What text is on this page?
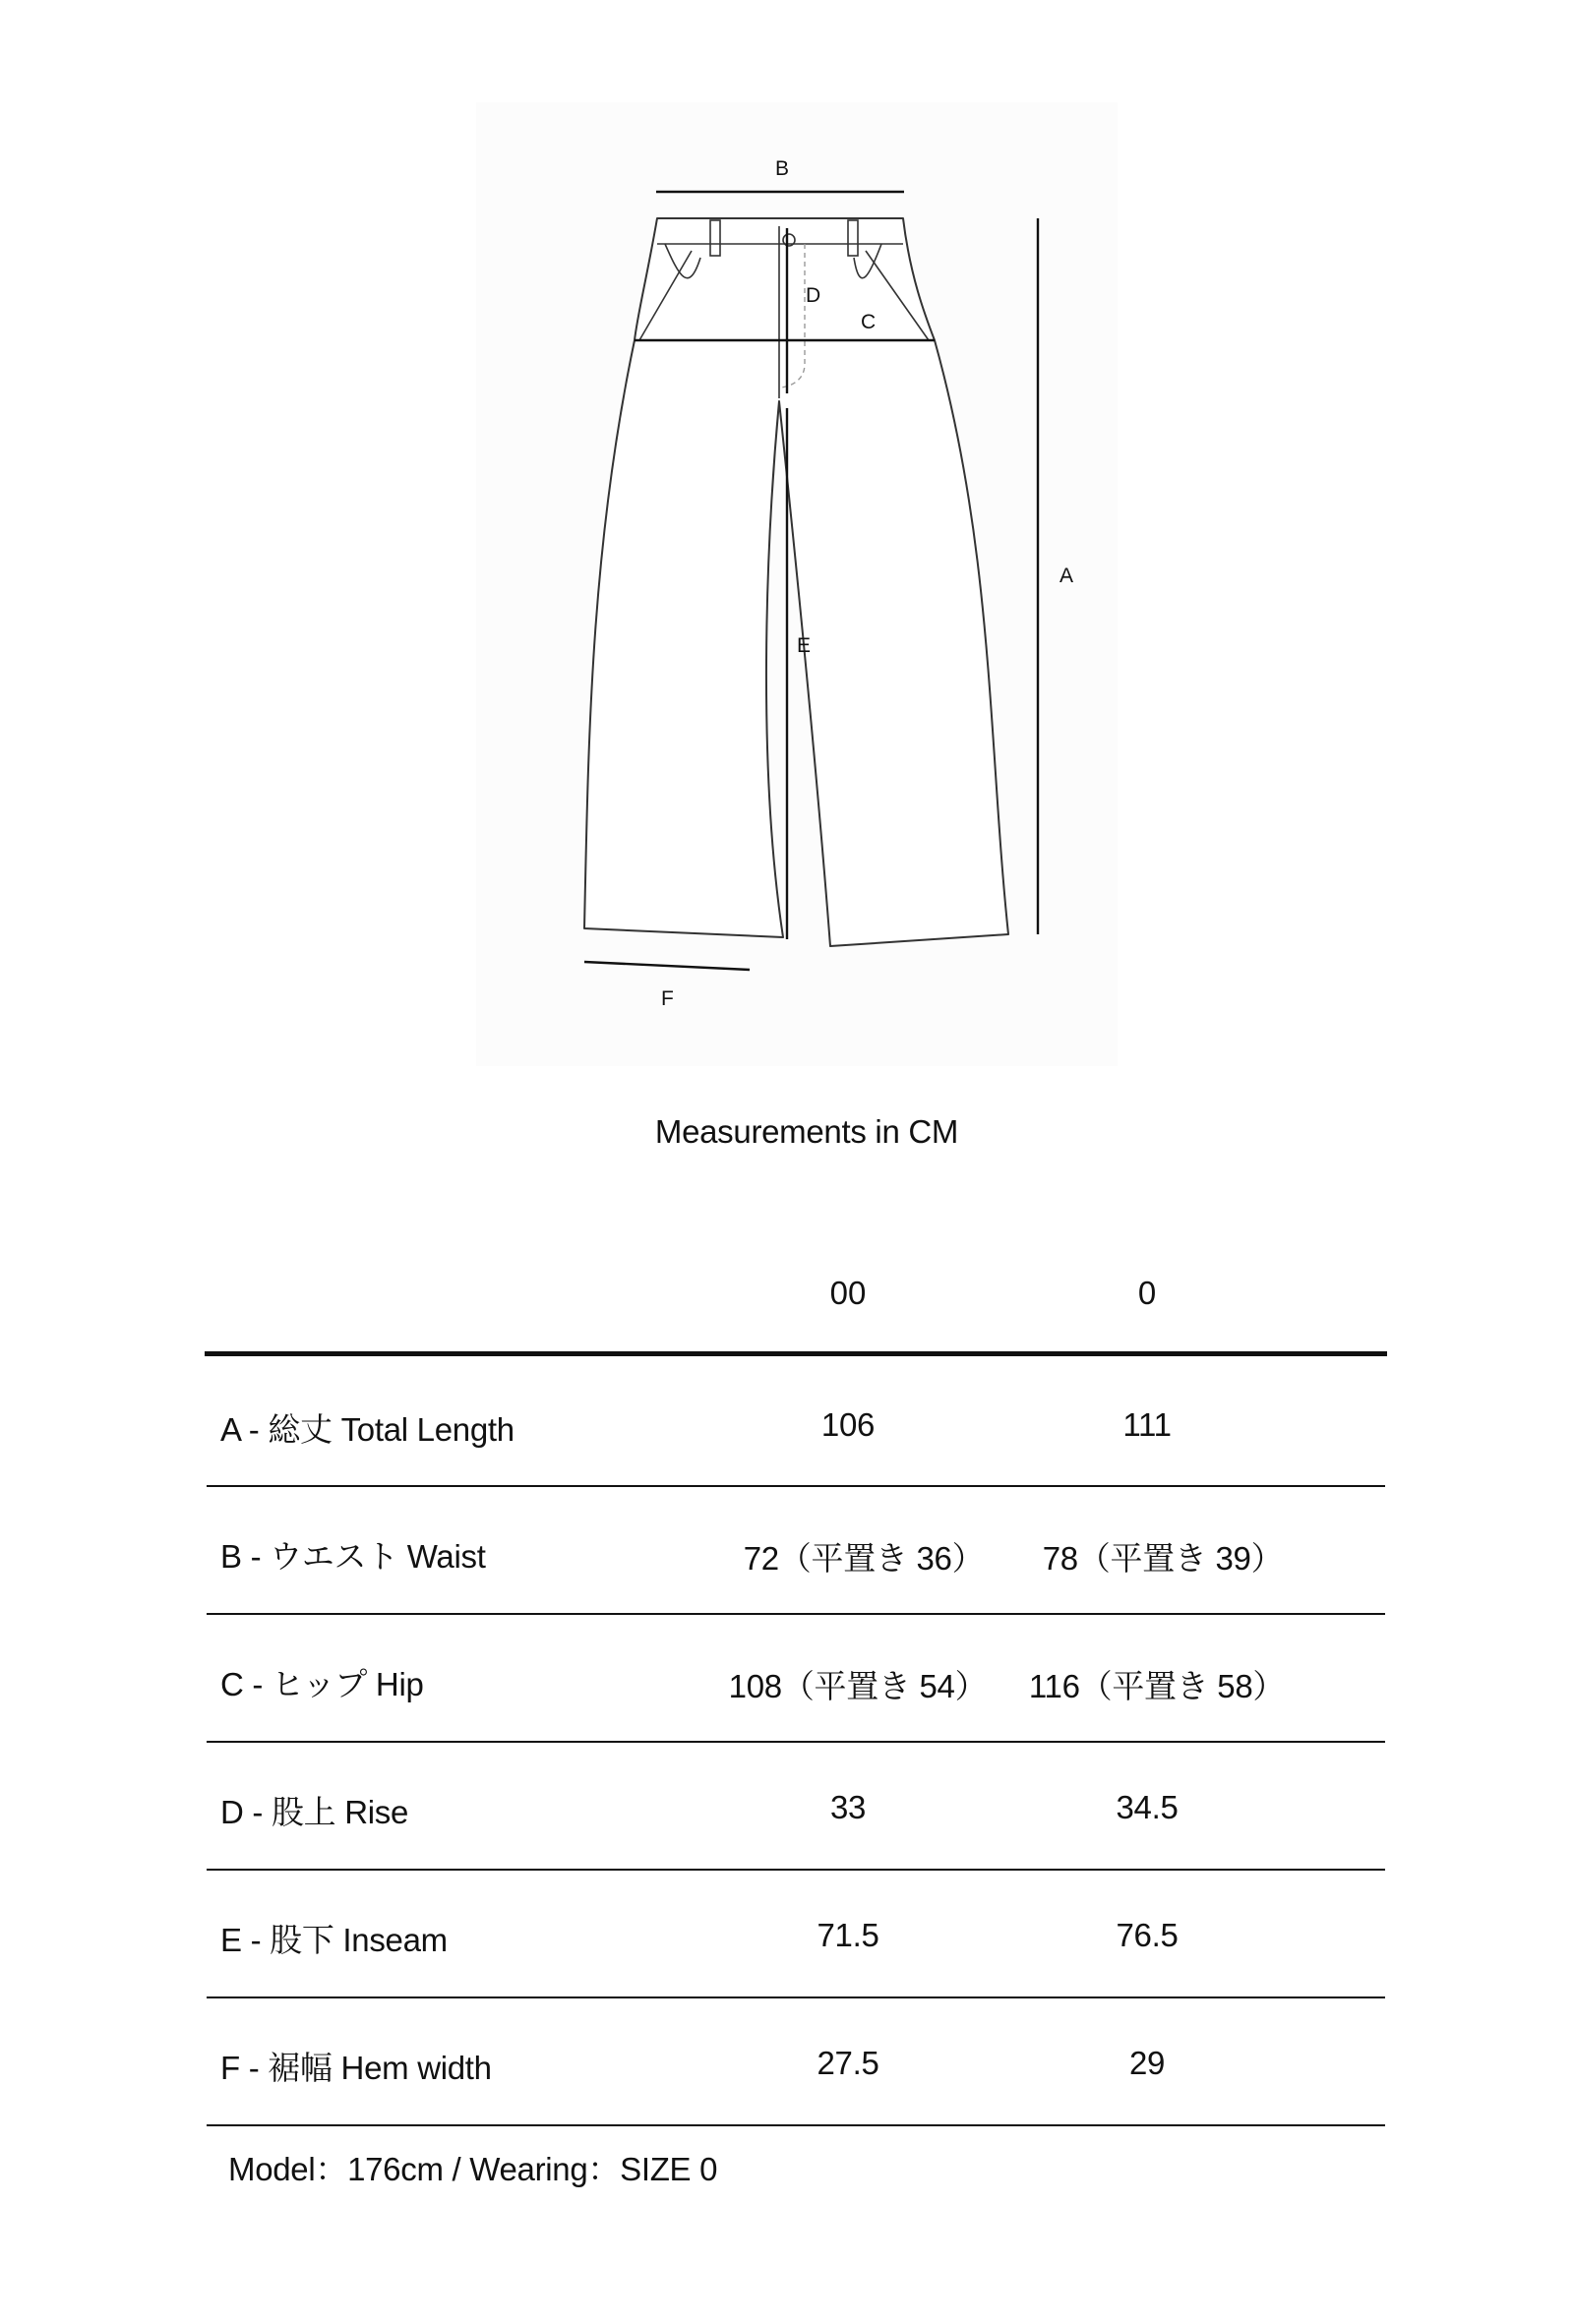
B
D
C
A
E
F
Measurements in CM
00	0
A - 総丈 Total Length	106	111
B - ウエスト Waist	72（平置き 36）	78（平置き 39）
C - ヒップ Hip	108（平置き 54）	116（平置き 58）
D - 股上 Rise	33	34.5
E - 股下 Inseam	71.5	76.5
F - 裾幅 Hem width	27.5	29
Model：176cm / Wearing：SIZE 0
